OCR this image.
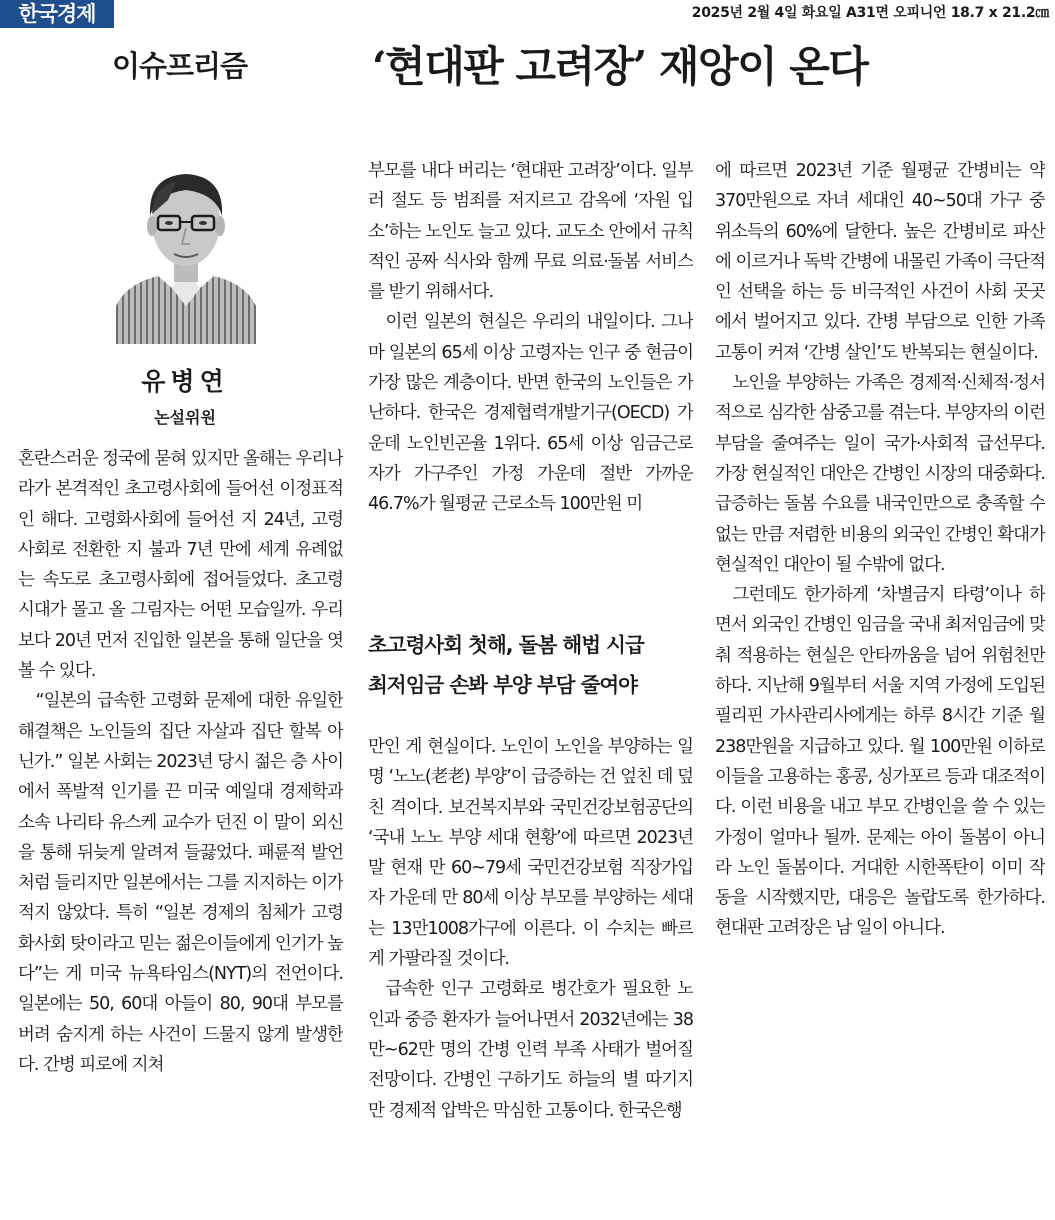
한국경제	2025년 2월 4일 화요일 A31면 오피니언 18.7 x 21.2㎝
이슈프리즘	‘현대판 고려장’ 재앙이 온다
유병연
논설위원

혼란스러운 정국에 묻혀 있지만 올해는 우리나라가 본격적인 초고령사회에 들어선 이정표적인 해다. 고령화사회에 들어선 지 24년, 고령사회로 전환한 지 불과 7년 만에 세계 유례없는 속도로 초고령사회에 접어들었다. 초고령 시대가 몰고 올 그림자는 어떤 모습일까. 우리보다 20년 먼저 진입한 일본을 통해 일단을 엿볼 수 있다.

“일본의 급속한 고령화 문제에 대한 유일한 해결책은 노인들의 집단 자살과 집단 할복 아닌가.” 일본 사회는 2023년 당시 젊은 층 사이에서 폭발적 인기를 끈 미국 예일대 경제학과 소속 나리타 유스케 교수가 던진 이 말이 외신을 통해 뒤늦게 알려져 들끓었다. 패륜적 발언처럼 들리지만 일본에서는 그를 지지하는 이가 적지 않았다. 특히 “일본 경제의 침체가 고령화사회 탓이라고 믿는 젊은이들에게 인기가 높다”는 게 미국 뉴욕타임스(NYT)의 전언이다. 일본에는 50, 60대 아들이 80, 90대 부모를 버려 숨지게 하는 사건이 드물지 않게 발생한다. 간병 피로에 지쳐

부모를 내다 버리는 ‘현대판 고려장’이다. 일부러 절도 등 범죄를 저지르고 감옥에 ‘자원 입소’하는 노인도 늘고 있다. 교도소 안에서 규칙적인 공짜 식사와 함께 무료 의료·돌봄 서비스를 받기 위해서다.

이런 일본의 현실은 우리의 내일이다. 그나마 일본의 65세 이상 고령자는 인구 중 현금이 가장 많은 계층이다. 반면 한국의 노인들은 가난하다. 한국은 경제협력개발기구(OECD) 가운데 노인빈곤율 1위다. 65세 이상 임금근로자가 가구주인 가정 가운데 절반 가까운 46.7%가 월평균 근로소득 100만원 미

초고령사회 첫해, 돌봄 해법 시급
최저임금 손봐 부양 부담 줄여야

만인 게 현실이다. 노인이 노인을 부양하는 일명 ‘노노(老老) 부양’이 급증하는 건 엎친 데 덮친 격이다. 보건복지부와 국민건강보험공단의 ‘국내 노노 부양 세대 현황’에 따르면 2023년 말 현재 만 60~79세 국민건강보험 직장가입자 가운데 만 80세 이상 부모를 부양하는 세대는 13만1008가구에 이른다. 이 수치는 빠르게 가팔라질 것이다.

급속한 인구 고령화로 병간호가 필요한 노인과 중증 환자가 늘어나면서 2032년에는 38만~62만 명의 간병 인력 부족 사태가 벌어질 전망이다. 간병인 구하기도 하늘의 별 따기지만 경제적 압박은 막심한 고통이다. 한국은행

에 따르면 2023년 기준 월평균 간병비는 약 370만원으로 자녀 세대인 40~50대 가구 중위소득의 60%에 달한다. 높은 간병비로 파산에 이르거나 독박 간병에 내몰린 가족이 극단적인 선택을 하는 등 비극적인 사건이 사회 곳곳에서 벌어지고 있다. 간병 부담으로 인한 가족 고통이 커져 ‘간병 살인’도 반복되는 현실이다.

노인을 부양하는 가족은 경제적·신체적·정서적으로 심각한 삼중고를 겪는다. 부양자의 이런 부담을 줄여주는 일이 국가·사회적 급선무다. 가장 현실적인 대안은 간병인 시장의 대중화다. 급증하는 돌봄 수요를 내국인만으로 충족할 수 없는 만큼 저렴한 비용의 외국인 간병인 확대가 현실적인 대안이 될 수밖에 없다.

그런데도 한가하게 ‘차별금지 타령’이나 하면서 외국인 간병인 임금을 국내 최저임금에 맞춰 적용하는 현실은 안타까움을 넘어 위험천만하다. 지난해 9월부터 서울 지역 가정에 도입된 필리핀 가사관리사에게는 하루 8시간 기준 월 238만원을 지급하고 있다. 월 100만원 이하로 이들을 고용하는 홍콩, 싱가포르 등과 대조적이다. 이런 비용을 내고 부모 간병인을 쓸 수 있는 가정이 얼마나 될까. 문제는 아이 돌봄이 아니라 노인 돌봄이다. 거대한 시한폭탄이 이미 작동을 시작했지만, 대응은 놀랍도록 한가하다. 현대판 고려장은 남 일이 아니다.
